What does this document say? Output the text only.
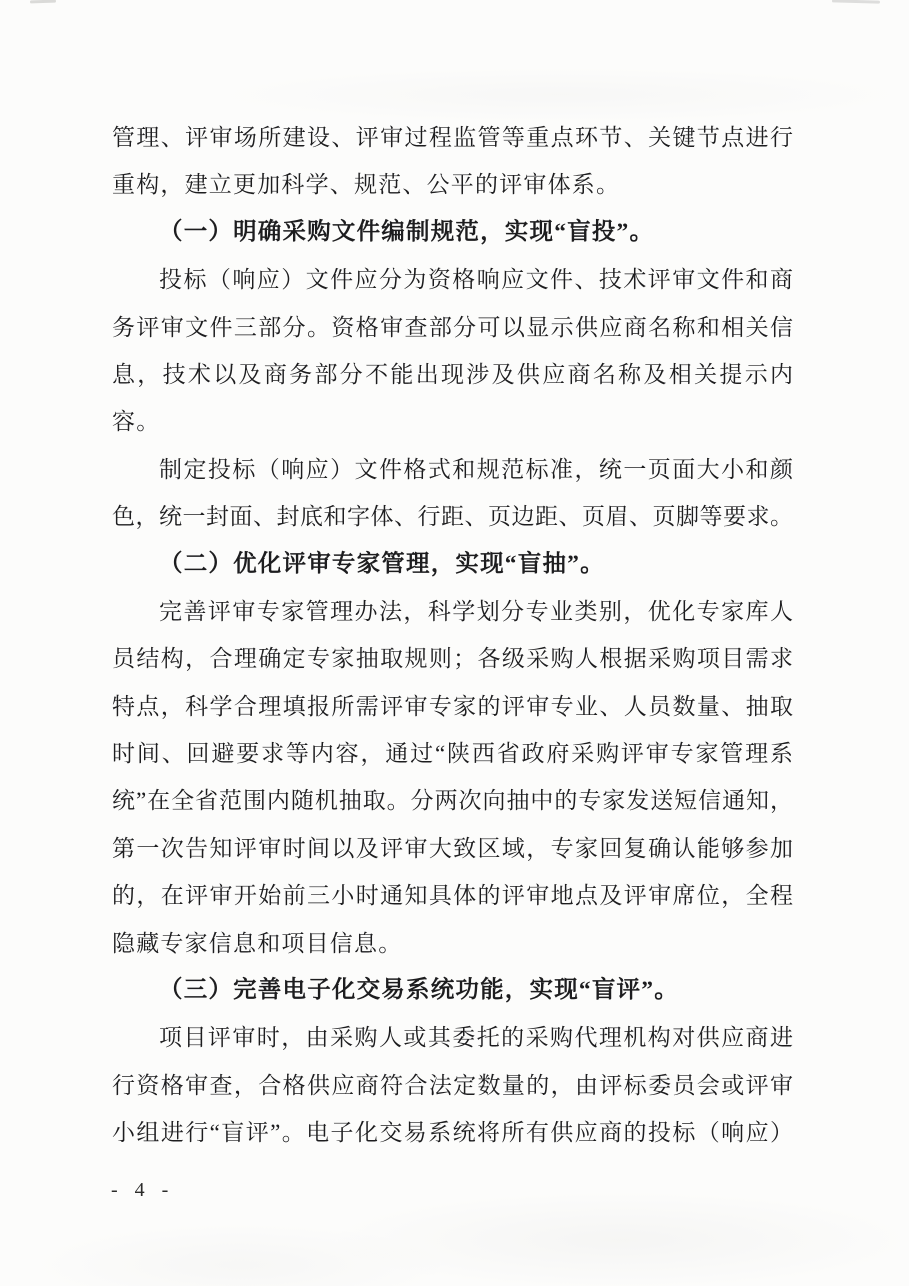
管理、评审场所建设、评审过程监管等重点环节、关键节点进行
重构，建立更加科学、规范、公平的评审体系。
（一）明确采购文件编制规范，实现“盲投”。
投标（响应）文件应分为资格响应文件、技术评审文件和商
务评审文件三部分。资格审查部分可以显示供应商名称和相关信
息，技术以及商务部分不能出现涉及供应商名称及相关提示内
容。
制定投标（响应）文件格式和规范标准，统一页面大小和颜
色，统一封面、封底和字体、行距、页边距、页眉、页脚等要求。
（二）优化评审专家管理，实现“盲抽”。
完善评审专家管理办法，科学划分专业类别，优化专家库人
员结构，合理确定专家抽取规则；各级采购人根据采购项目需求
特点，科学合理填报所需评审专家的评审专业、人员数量、抽取
时间、回避要求等内容，通过“陕西省政府采购评审专家管理系
统”在全省范围内随机抽取。分两次向抽中的专家发送短信通知，
第一次告知评审时间以及评审大致区域，专家回复确认能够参加
的，在评审开始前三小时通知具体的评审地点及评审席位，全程
隐藏专家信息和项目信息。
（三）完善电子化交易系统功能，实现“盲评”。
项目评审时，由采购人或其委托的采购代理机构对供应商进
行资格审查，合格供应商符合法定数量的，由评标委员会或评审
小组进行“盲评”。电子化交易系统将所有供应商的投标（响应）
- 4 -
